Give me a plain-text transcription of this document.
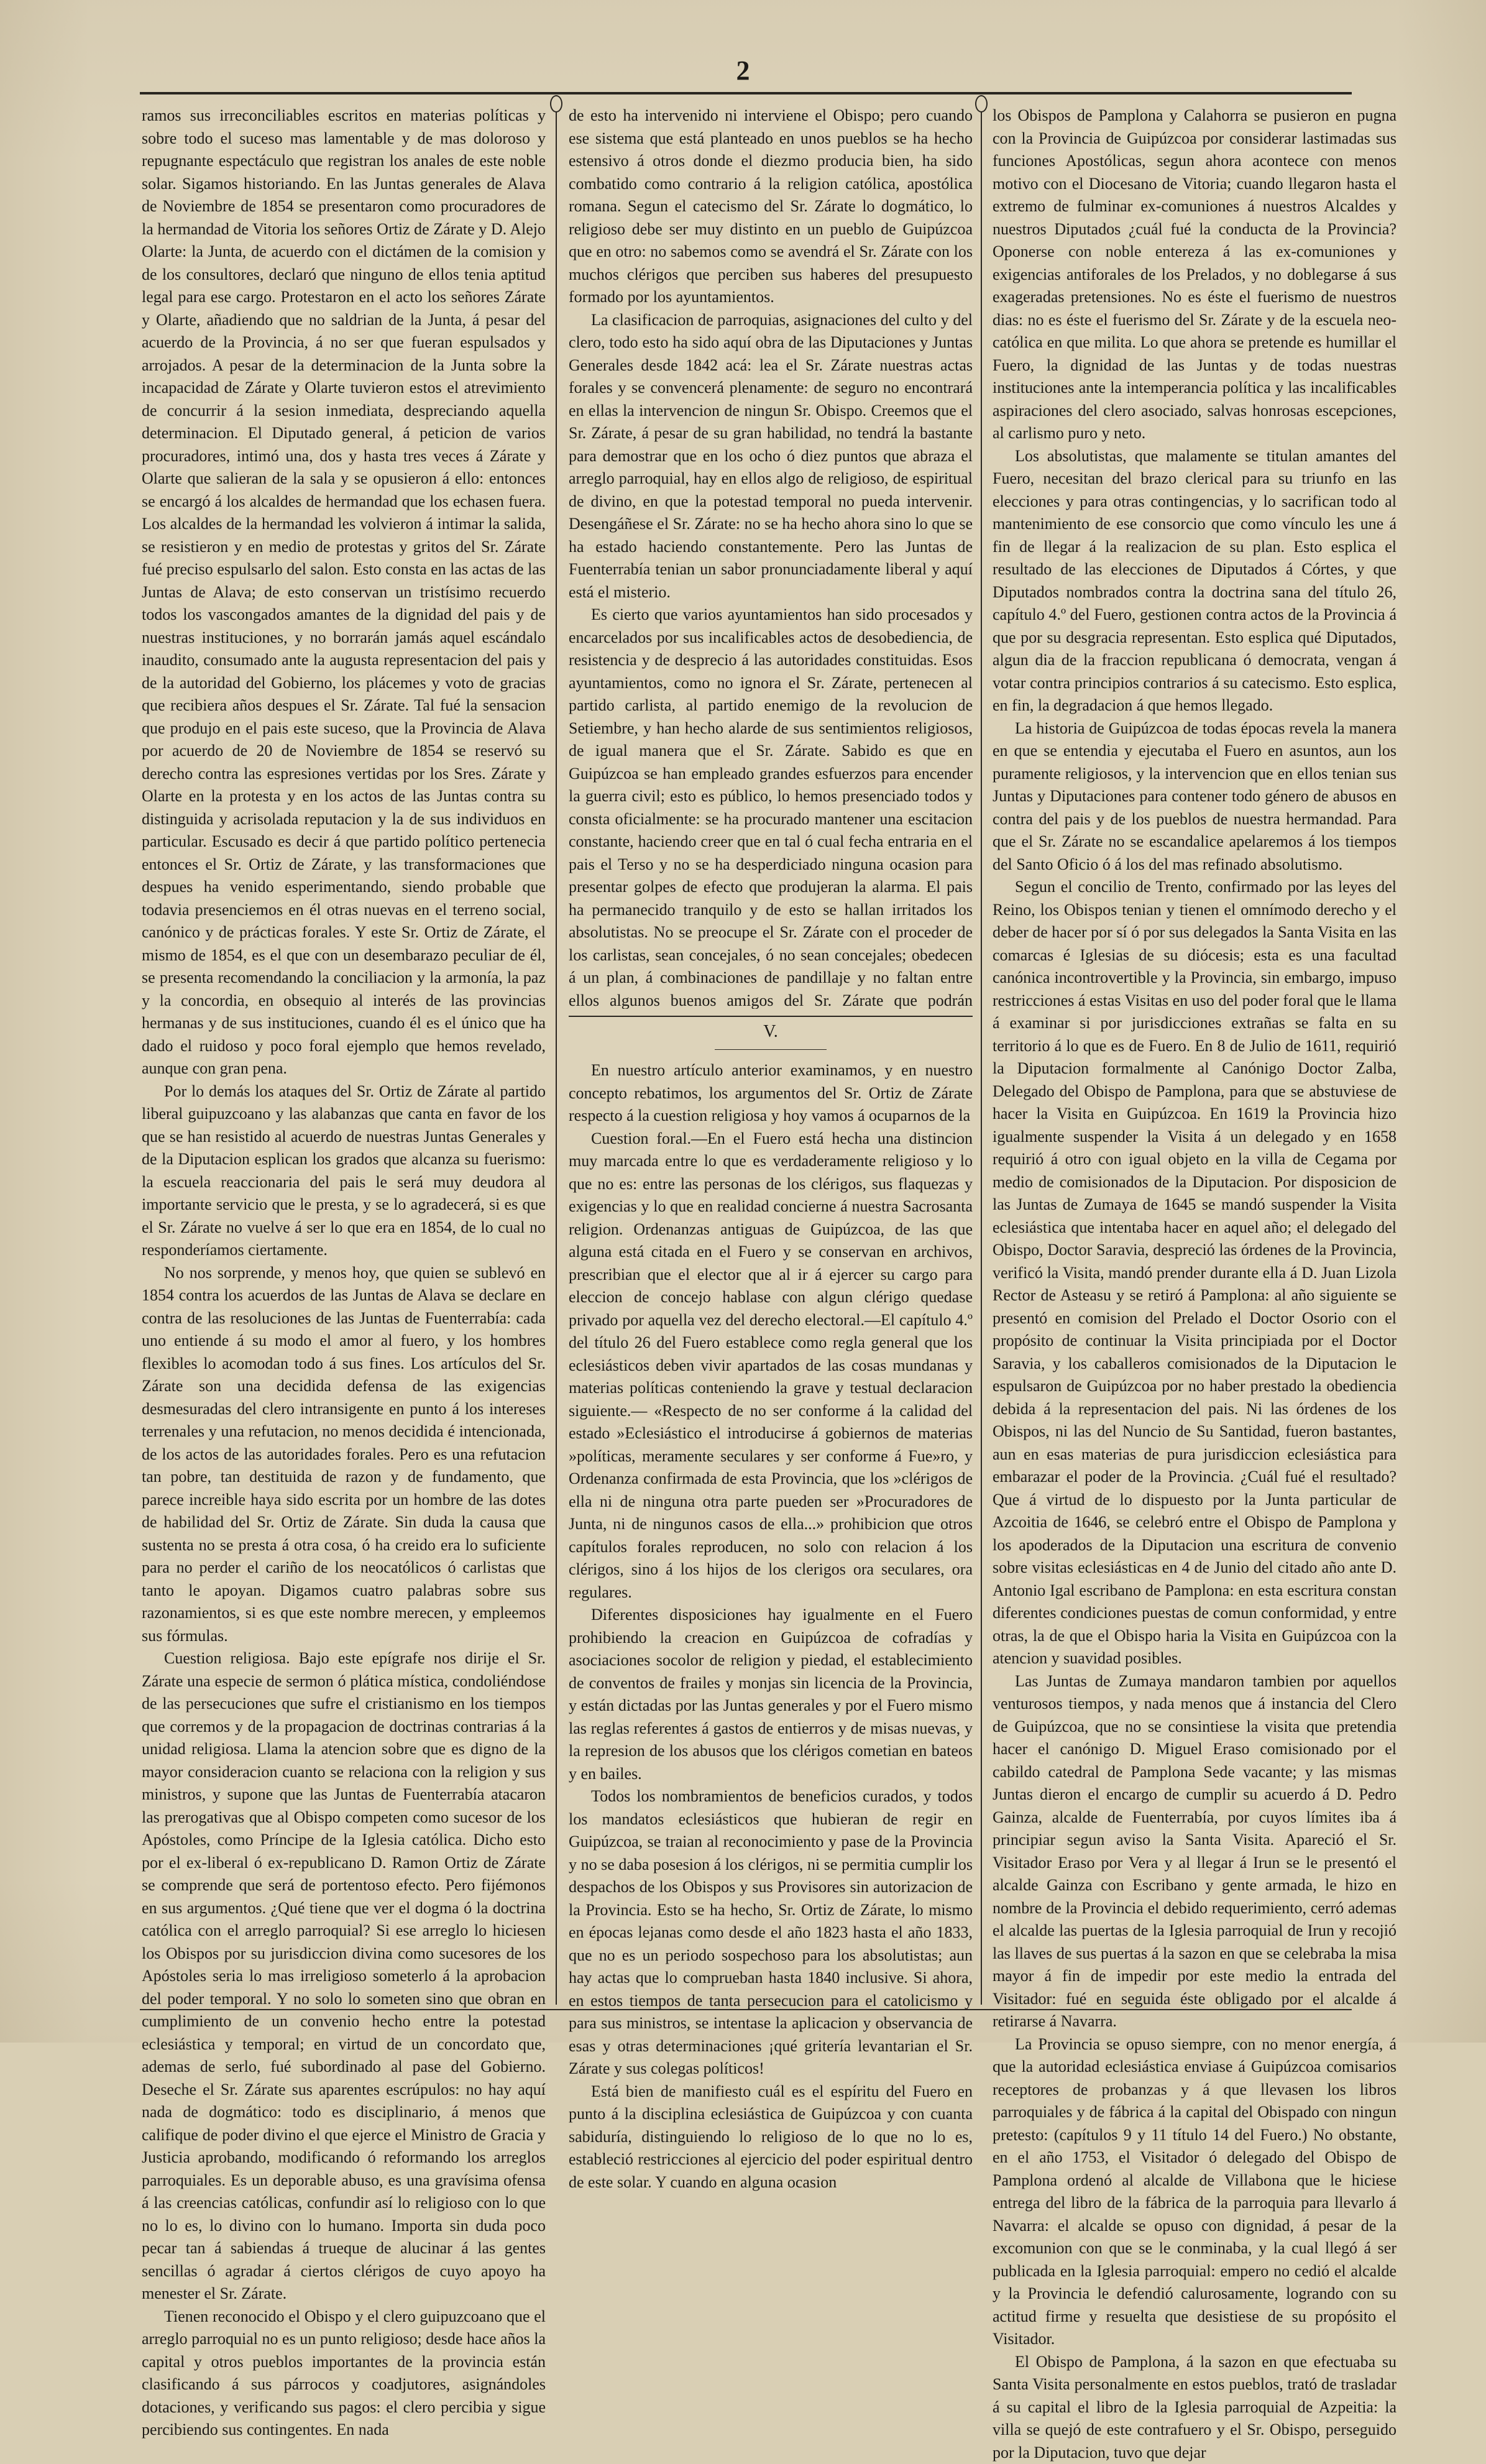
2

ramos sus irreconciliables escritos en materias políticas y sobre todo el suceso mas lamentable y de mas doloroso y repugnante espectáculo que registran los anales de este noble solar. Sigamos historiando. En las Juntas generales de Alava de Noviembre de 1854 se presentaron como procuradores de la hermandad de Vitoria los señores Ortiz de Zárate y D. Alejo Olarte: la Junta, de acuerdo con el dictámen de la comision y de los consultores, declaró que ninguno de ellos tenia aptitud legal para ese cargo. Protestaron en el acto los señores Zárate y Olarte, añadiendo que no saldrian de la Junta, á pesar del acuerdo de la Provincia, á no ser que fueran espulsados y arrojados. A pesar de la determinacion de la Junta sobre la incapacidad de Zárate y Olarte tuvieron estos el atrevimiento de concurrir á la sesion inmediata, despreciando aquella determinacion. El Diputado general, á peticion de varios procuradores, intimó una, dos y hasta tres veces á Zárate y Olarte que salieran de la sala y se opusieron á ello: entonces se encargó á los alcaldes de hermandad que los echasen fuera. Los alcaldes de la hermandad les volvieron á intimar la salida, se resistieron y en medio de protestas y gritos del Sr. Zárate fué preciso espulsarlo del salon. Esto consta en las actas de las Juntas de Alava; de esto conservan un tristísimo recuerdo todos los vascongados amantes de la dignidad del pais y de nuestras instituciones, y no borrarán jamás aquel escándalo inaudito, consumado ante la augusta representacion del pais y de la autoridad del Gobierno, los plácemes y voto de gracias que recibiera años despues el Sr. Zárate. Tal fué la sensacion que produjo en el pais este suceso, que la Provincia de Alava por acuerdo de 20 de Noviembre de 1854 se reservó su derecho contra las espresiones vertidas por los Sres. Zárate y Olarte en la protesta y en los actos de las Juntas contra su distinguida y acrisolada reputacion y la de sus individuos en particular. Escusado es decir á que partido político pertenecia entonces el Sr. Ortiz de Zárate, y las transformaciones que despues ha venido esperimentando, siendo probable que todavia presenciemos en él otras nuevas en el terreno social, canónico y de prácticas forales. Y este Sr. Ortiz de Zárate, el mismo de 1854, es el que con un desembarazo peculiar de él, se presenta recomendando la conciliacion y la armonía, la paz y la concordia, en obsequio al interés de las provincias hermanas y de sus instituciones, cuando él es el único que ha dado el ruidoso y poco foral ejemplo que hemos revelado, aunque con gran pena.

Por lo demás los ataques del Sr. Ortiz de Zárate al partido liberal guipuzcoano y las alabanzas que canta en favor de los que se han resistido al acuerdo de nuestras Juntas Generales y de la Diputacion esplican los grados que alcanza su fuerismo: la escuela reaccionaria del pais le será muy deudora al importante servicio que le presta, y se lo agradecerá, si es que el Sr. Zárate no vuelve á ser lo que era en 1854, de lo cual no responderíamos ciertamente.

No nos sorprende, y menos hoy, que quien se sublevó en 1854 contra los acuerdos de las Juntas de Alava se declare en contra de las resoluciones de las Juntas de Fuenterrabía: cada uno entiende á su modo el amor al fuero, y los hombres flexibles lo acomodan todo á sus fines. Los artículos del Sr. Zárate son una decidida defensa de las exigencias desmesuradas del clero intransigente en punto á los intereses terrenales y una refutacion, no menos decidida é intencionada, de los actos de las autoridades forales. Pero es una refutacion tan pobre, tan destituida de razon y de fundamento, que parece increible haya sido escrita por un hombre de las dotes de habilidad del Sr. Ortiz de Zárate. Sin duda la causa que sustenta no se presta á otra cosa, ó ha creido era lo suficiente para no perder el cariño de los neocatólicos ó carlistas que tanto le apoyan. Digamos cuatro palabras sobre sus razonamientos, si es que este nombre merecen, y empleemos sus fórmulas.

Cuestion religiosa. Bajo este epígrafe nos dirije el Sr. Zárate una especie de sermon ó plática mística, condoliéndose de las persecuciones que sufre el cristianismo en los tiempos que corremos y de la propagacion de doctrinas contrarias á la unidad religiosa. Llama la atencion sobre que es digno de la mayor consideracion cuanto se relaciona con la religion y sus ministros, y supone que las Juntas de Fuenterrabía atacaron las prerogativas que al Obispo competen como sucesor de los Apóstoles, como Príncipe de la Iglesia católica. Dicho esto por el ex-liberal ó ex-republicano D. Ramon Ortiz de Zárate se comprende que será de portentoso efecto. Pero fijémonos en sus argumentos. ¿Qué tiene que ver el dogma ó la doctrina católica con el arreglo parroquial? Si ese arreglo lo hiciesen los Obispos por su jurisdiccion divina como sucesores de los Apóstoles seria lo mas irreligioso someterlo á la aprobacion del poder temporal. Y no solo lo someten sino que obran en cumplimiento de un convenio hecho entre la potestad eclesiástica y temporal; en virtud de un concordato que, ademas de serlo, fué subordinado al pase del Gobierno. Deseche el Sr. Zárate sus aparentes escrúpulos: no hay aquí nada de dogmático: todo es disciplinario, á menos que califique de poder divino el que ejerce el Ministro de Gracia y Justicia aprobando, modificando ó reformando los arreglos parroquiales. Es un deporable abuso, es una gravísima ofensa á las creencias católicas, confundir así lo religioso con lo que no lo es, lo divino con lo humano. Importa sin duda poco pecar tan á sabiendas á trueque de alucinar á las gentes sencillas ó agradar á ciertos clérigos de cuyo apoyo ha menester el Sr. Zárate.

Tienen reconocido el Obispo y el clero guipuzcoano que el arreglo parroquial no es un punto religioso; desde hace años la capital y otros pueblos importantes de la provincia están clasificando á sus párrocos y coadjutores, asignándoles dotaciones, y verificando sus pagos: el clero percibia y sigue percibiendo sus contingentes. En nada

de esto ha intervenido ni interviene el Obispo; pero cuando ese sistema que está planteado en unos pueblos se ha hecho estensivo á otros donde el diezmo producia bien, ha sido combatido como contrario á la religion católica, apostólica romana. Segun el catecismo del Sr. Zárate lo dogmático, lo religioso debe ser muy distinto en un pueblo de Guipúzcoa que en otro: no sabemos como se avendrá el Sr. Zárate con los muchos clérigos que perciben sus haberes del presupuesto formado por los ayuntamientos.

La clasificacion de parroquias, asignaciones del culto y del clero, todo esto ha sido aquí obra de las Diputaciones y Juntas Generales desde 1842 acá: lea el Sr. Zárate nuestras actas forales y se convencerá plenamente: de seguro no encontrará en ellas la intervencion de ningun Sr. Obispo. Creemos que el Sr. Zárate, á pesar de su gran habilidad, no tendrá la bastante para demostrar que en los ocho ó diez puntos que abraza el arreglo parroquial, hay en ellos algo de religioso, de espiritual de divino, en que la potestad temporal no pueda intervenir. Desengáñese el Sr. Zárate: no se ha hecho ahora sino lo que se ha estado haciendo constantemente. Pero las Juntas de Fuenterrabía tenian un sabor pronunciadamente liberal y aquí está el misterio.

Es cierto que varios ayuntamientos han sido procesados y encarcelados por sus incalificables actos de desobediencia, de resistencia y de desprecio á las autoridades constituidas. Esos ayuntamientos, como no ignora el Sr. Zárate, pertenecen al partido carlista, al partido enemigo de la revolucion de Setiembre, y han hecho alarde de sus sentimientos religiosos, de igual manera que el Sr. Zárate. Sabido es que en Guipúzcoa se han empleado grandes esfuerzos para encender la guerra civil; esto es público, lo hemos presenciado todos y consta oficialmente: se ha procurado mantener una escitacion constante, haciendo creer que en tal ó cual fecha entraria en el pais el Terso y no se ha desperdiciado ninguna ocasion para presentar golpes de efecto que produjeran la alarma. El pais ha permanecido tranquilo y de esto se hallan irritados los absolutistas. No se preocupe el Sr. Zárate con el proceder de los carlistas, sean concejales, ó no sean concejales; obedecen á un plan, á combinaciones de pandillaje y no faltan entre ellos algunos buenos amigos del Sr. Zárate que podrán

V.

En nuestro artículo anterior examinamos, y en nuestro concepto rebatimos, los argumentos del Sr. Ortiz de Zárate respecto á la cuestion religiosa y hoy vamos á ocuparnos de la

Cuestion foral.—En el Fuero está hecha una distincion muy marcada entre lo que es verdaderamente religioso y lo que no es: entre las personas de los clérigos, sus flaquezas y exigencias y lo que en realidad concierne á nuestra Sacrosanta religion. Ordenanzas antiguas de Guipúzcoa, de las que alguna está citada en el Fuero y se conservan en archivos, prescribian que el elector que al ir á ejercer su cargo para eleccion de concejo hablase con algun clérigo quedase privado por aquella vez del derecho electoral.—El capítulo 4.º del título 26 del Fuero establece como regla general que los eclesiásticos deben vivir apartados de las cosas mundanas y materias políticas conteniendo la grave y testual declaracion siguiente.— «Respecto de no ser conforme á la calidad del estado »Eclesiástico el introducirse á gobiernos de materias »políticas, meramente seculares y ser conforme á Fue»ro, y Ordenanza confirmada de esta Provincia, que los »clérigos de ella ni de ninguna otra parte pueden ser »Procuradores de Junta, ni de ningunos casos de ella...» prohibicion que otros capítulos forales reproducen, no solo con relacion á los clérigos, sino á los hijos de los clerigos ora seculares, ora regulares.

Diferentes disposiciones hay igualmente en el Fuero prohibiendo la creacion en Guipúzcoa de cofradías y asociaciones socolor de religion y piedad, el establecimiento de conventos de frailes y monjas sin licencia de la Provincia, y están dictadas por las Juntas generales y por el Fuero mismo las reglas referentes á gastos de entierros y de misas nuevas, y la represion de los abusos que los clérigos cometian en bateos y en bailes.

Todos los nombramientos de beneficios curados, y todos los mandatos eclesiásticos que hubieran de regir en Guipúzcoa, se traian al reconocimiento y pase de la Provincia y no se daba posesion á los clérigos, ni se permitia cumplir los despachos de los Obispos y sus Provisores sin autorizacion de la Provincia. Esto se ha hecho, Sr. Ortiz de Zárate, lo mismo en épocas lejanas como desde el año 1823 hasta el año 1833, que no es un periodo sospechoso para los absolutistas; aun hay actas que lo comprueban hasta 1840 inclusive. Si ahora, en estos tiempos de tanta persecucion para el catolicismo y para sus ministros, se intentase la aplicacion y observancia de esas y otras determinaciones ¡qué gritería levantarian el Sr. Zárate y sus colegas políticos!

Está bien de manifiesto cuál es el espíritu del Fuero en punto á la disciplina eclesiástica de Guipúzcoa y con cuanta sabiduría, distinguiendo lo religioso de lo que no lo es, estableció restricciones al ejercicio del poder espiritual dentro de este solar. Y cuando en alguna ocasion

los Obispos de Pamplona y Calahorra se pusieron en pugna con la Provincia de Guipúzcoa por considerar lastimadas sus funciones Apostólicas, segun ahora acontece con menos motivo con el Diocesano de Vitoria; cuando llegaron hasta el extremo de fulminar ex-comuniones á nuestros Alcaldes y nuestros Diputados ¿cuál fué la conducta de la Provincia? Oponerse con noble entereza á las ex-comuniones y exigencias antiforales de los Prelados, y no doblegarse á sus exageradas pretensiones. No es éste el fuerismo de nuestros dias: no es éste el fuerismo del Sr. Zárate y de la escuela neo-católica en que milita. Lo que ahora se pretende es humillar el Fuero, la dignidad de las Juntas y de todas nuestras instituciones ante la intemperancia política y las incalificables aspiraciones del clero asociado, salvas honrosas escepciones, al carlismo puro y neto.

Los absolutistas, que malamente se titulan amantes del Fuero, necesitan del brazo clerical para su triunfo en las elecciones y para otras contingencias, y lo sacrifican todo al mantenimiento de ese consorcio que como vínculo les une á fin de llegar á la realizacion de su plan. Esto esplica el resultado de las elecciones de Diputados á Córtes, y que Diputados nombrados contra la doctrina sana del título 26, capítulo 4.º del Fuero, gestionen contra actos de la Provincia á que por su desgracia representan. Esto esplica qué Diputados, algun dia de la fraccion republicana ó democrata, vengan á votar contra principios contrarios á su catecismo. Esto esplica, en fin, la degradacion á que hemos llegado.

La historia de Guipúzcoa de todas épocas revela la manera en que se entendia y ejecutaba el Fuero en asuntos, aun los puramente religiosos, y la intervencion que en ellos tenian sus Juntas y Diputaciones para contener todo género de abusos en contra del pais y de los pueblos de nuestra hermandad. Para que el Sr. Zárate no se escandalice apelaremos á los tiempos del Santo Oficio ó á los del mas refinado absolutismo.

Segun el concilio de Trento, confirmado por las leyes del Reino, los Obispos tenian y tienen el omnímodo derecho y el deber de hacer por sí ó por sus delegados la Santa Visita en las comarcas é Iglesias de su diócesis; esta es una facultad canónica incontrovertible y la Provincia, sin embargo, impuso restricciones á estas Visitas en uso del poder foral que le llama á examinar si por jurisdicciones extrañas se falta en su territorio á lo que es de Fuero. En 8 de Julio de 1611, requirió la Diputacion formalmente al Canónigo Doctor Zalba, Delegado del Obispo de Pamplona, para que se abstuviese de hacer la Visita en Guipúzcoa. En 1619 la Provincia hizo igualmente suspender la Visita á un delegado y en 1658 requirió á otro con igual objeto en la villa de Cegama por medio de comisionados de la Diputacion. Por disposicion de las Juntas de Zumaya de 1645 se mandó suspender la Visita eclesiástica que intentaba hacer en aquel año; el delegado del Obispo, Doctor Saravia, despreció las órdenes de la Provincia, verificó la Visita, mandó prender durante ella á D. Juan Lizola Rector de Asteasu y se retiró á Pamplona: al año siguiente se presentó en comision del Prelado el Doctor Osorio con el propósito de continuar la Visita principiada por el Doctor Saravia, y los caballeros comisionados de la Diputacion le espulsaron de Guipúzcoa por no haber prestado la obediencia debida á la representacion del pais. Ni las órdenes de los Obispos, ni las del Nuncio de Su Santidad, fueron bastantes, aun en esas materias de pura jurisdiccion eclesiástica para embarazar el poder de la Provincia. ¿Cuál fué el resultado? Que á virtud de lo dispuesto por la Junta particular de Azcoitia de 1646, se celebró entre el Obispo de Pamplona y los apoderados de la Diputacion una escritura de convenio sobre visitas eclesiásticas en 4 de Junio del citado año ante D. Antonio Igal escribano de Pamplona: en esta escritura constan diferentes condiciones puestas de comun conformidad, y entre otras, la de que el Obispo haria la Visita en Guipúzcoa con la atencion y suavidad posibles.

Las Juntas de Zumaya mandaron tambien por aquellos venturosos tiempos, y nada menos que á instancia del Clero de Guipúzcoa, que no se consintiese la visita que pretendia hacer el canónigo D. Miguel Eraso comisionado por el cabildo catedral de Pamplona Sede vacante; y las mismas Juntas dieron el encargo de cumplir su acuerdo á D. Pedro Gainza, alcalde de Fuenterrabía, por cuyos límites iba á principiar segun aviso la Santa Visita. Apareció el Sr. Visitador Eraso por Vera y al llegar á Irun se le presentó el alcalde Gainza con Escribano y gente armada, le hizo en nombre de la Provincia el debido requerimiento, cerró ademas el alcalde las puertas de la Iglesia parroquial de Irun y recojió las llaves de sus puertas á la sazon en que se celebraba la misa mayor á fin de impedir por este medio la entrada del Visitador: fué en seguida éste obligado por el alcalde á retirarse á Navarra.

La Provincia se opuso siempre, con no menor energía, á que la autoridad eclesiástica enviase á Guipúzcoa comisarios receptores de probanzas y á que llevasen los libros parroquiales y de fábrica á la capital del Obispado con ningun pretesto: (capítulos 9 y 11 título 14 del Fuero.) No obstante, en el año 1753, el Visitador ó delegado del Obispo de Pamplona ordenó al alcalde de Villabona que le hiciese entrega del libro de la fábrica de la parroquia para llevarlo á Navarra: el alcalde se opuso con dignidad, á pesar de la excomunion con que se le conminaba, y la cual llegó á ser publicada en la Iglesia parroquial: empero no cedió el alcalde y la Provincia le defendió calurosamente, logrando con su actitud firme y resuelta que desistiese de su propósito el Visitador.

El Obispo de Pamplona, á la sazon en que efectuaba su Santa Visita personalmente en estos pueblos, trató de trasladar á su capital el libro de la Iglesia parroquial de Azpeitia: la villa se quejó de este contrafuero y el Sr. Obispo, perseguido por la Diputacion, tuvo que dejar
